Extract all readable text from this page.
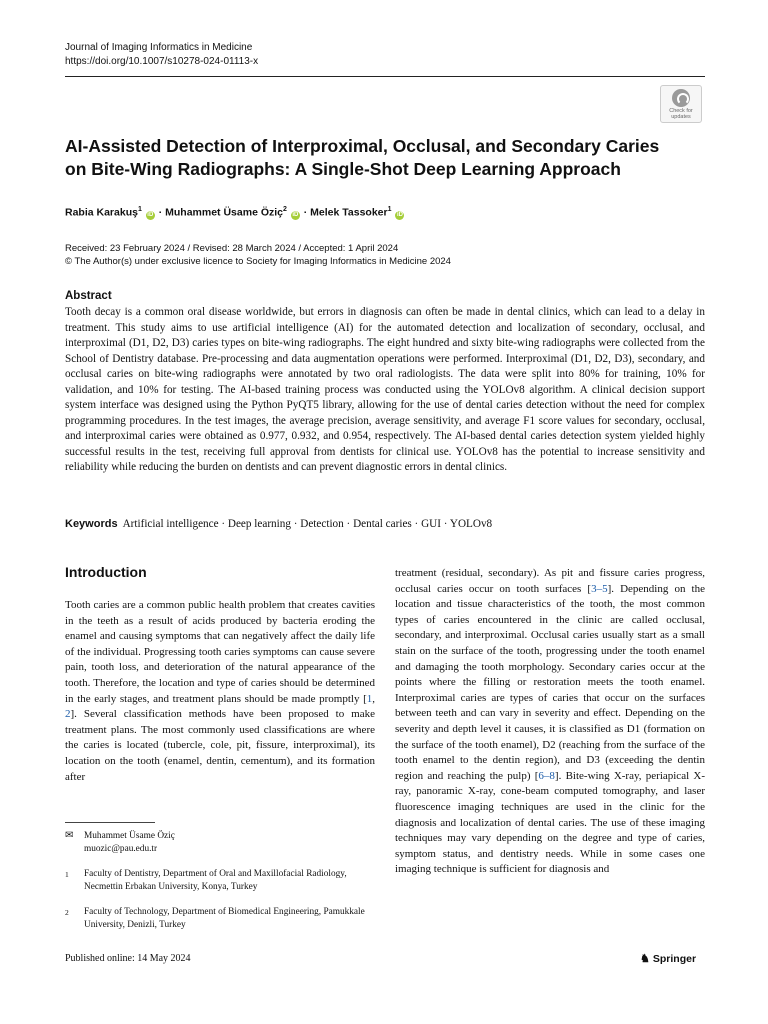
Journal of Imaging Informatics in Medicine
https://doi.org/10.1007/s10278-024-01113-x
Check for
updates
AI-Assisted Detection of Interproximal, Occlusal, and Secondary Caries
on Bite-Wing Radiographs: A Single-Shot Deep Learning Approach
Rabia Karakuş$^1$ iD · Muhammet Üsame Öziç$^2$ iD · Melek Tassoker$^1$ iD
Received: 23 February 2024 / Revised: 28 March 2024 / Accepted: 1 April 2024
© The Author(s) under exclusive licence to Society for Imaging Informatics in Medicine 2024
Abstract

Tooth decay is a common oral disease worldwide, but errors in diagnosis can often be made in dental clinics, which can lead to a delay in treatment. This study aims to use artificial intelligence (AI) for the automated detection and localization of secondary, occlusal, and interproximal (D1, D2, D3) caries types on bite-wing radiographs. The eight hundred and sixty bite-wing radiographs were collected from the School of Dentistry database. Pre-processing and data augmentation operations were performed. Interproximal (D1, D2, D3), secondary, and occlusal caries on bite-wing radiographs were annotated by two oral radiologists. The data were split into 80% for training, 10% for validation, and 10% for testing. The AI-based training process was conducted using the YOLOv8 algorithm. A clinical decision support system interface was designed using the Python PyQT5 library, allowing for the use of dental caries detection without the need for complex programming procedures. In the test images, the average precision, average sensitivity, and average F1 score values for secondary, occlusal, and interproximal caries were obtained as 0.977, 0.932, and 0.954, respectively. The AI-based dental caries detection system yielded highly successful results in the test, receiving full approval from dentists for clinical use. YOLOv8 has the potential to increase sensitivity and reliability while reducing the burden on dentists and can prevent diagnostic errors in dental clinics.

Keywords Artificial intelligence · Deep learning · Detection · Dental caries · GUI · YOLOv8
Introduction

Tooth caries are a common public health problem that creates cavities in the teeth as a result of acids produced by bacteria eroding the enamel and causing symptoms that can negatively affect the daily life of the individual. Progressing tooth caries symptoms can cause severe pain, tooth loss, and deterioration of the natural appearance of the tooth. Therefore, the location and type of caries should be determined in the early stages, and treatment plans should be made promptly [1, 2]. Several classification methods have been proposed to make treatment plans. The most commonly used classifications are where the caries is located (tubercle, cole, pit, fissure, interproximal), its location on the tooth (enamel, dentin, cementum), and its formation after

treatment (residual, secondary). As pit and fissure caries progress, occlusal caries occur on tooth surfaces [3–5]. Depending on the location and tissue characteristics of the tooth, the most common types of caries encountered in the clinic are called occlusal, secondary, and interproximal. Occlusal caries usually start as a small stain on the surface of the tooth, progressing under the tooth enamel and damaging the tooth morphology. Secondary caries occur at the points where the filling or restoration meets the tooth enamel. Interproximal caries are types of caries that occur on the surfaces between teeth and can vary in severity and effect. Depending on the severity and depth level it causes, it is classified as D1 (formation on the surface of the tooth enamel), D2 (reaching from the surface of the tooth enamel to the dentin region), and D3 (exceeding the dentin region and reaching the pulp) [6–8]. Bite-wing X-ray, periapical X-ray, panoramic X-ray, cone-beam computed tomography, and laser fluorescence imaging techniques are used in the clinic for the diagnosis and localization of dental caries. The use of these imaging techniques may vary depending on the degree and type of caries, symptom status, and dentistry needs. While in some cases one imaging technique is sufficient for diagnosis and

✉ Muhammet Üsame Öziç
muozic@pau.edu.tr
1 Faculty of Dentistry, Department of Oral and Maxillofacial Radiology, Necmettin Erbakan University, Konya, Turkey
2 Faculty of Technology, Department of Biomedical Engineering, Pamukkale University, Denizli, Turkey
Published online: 14 May 2024	♞ Springer
